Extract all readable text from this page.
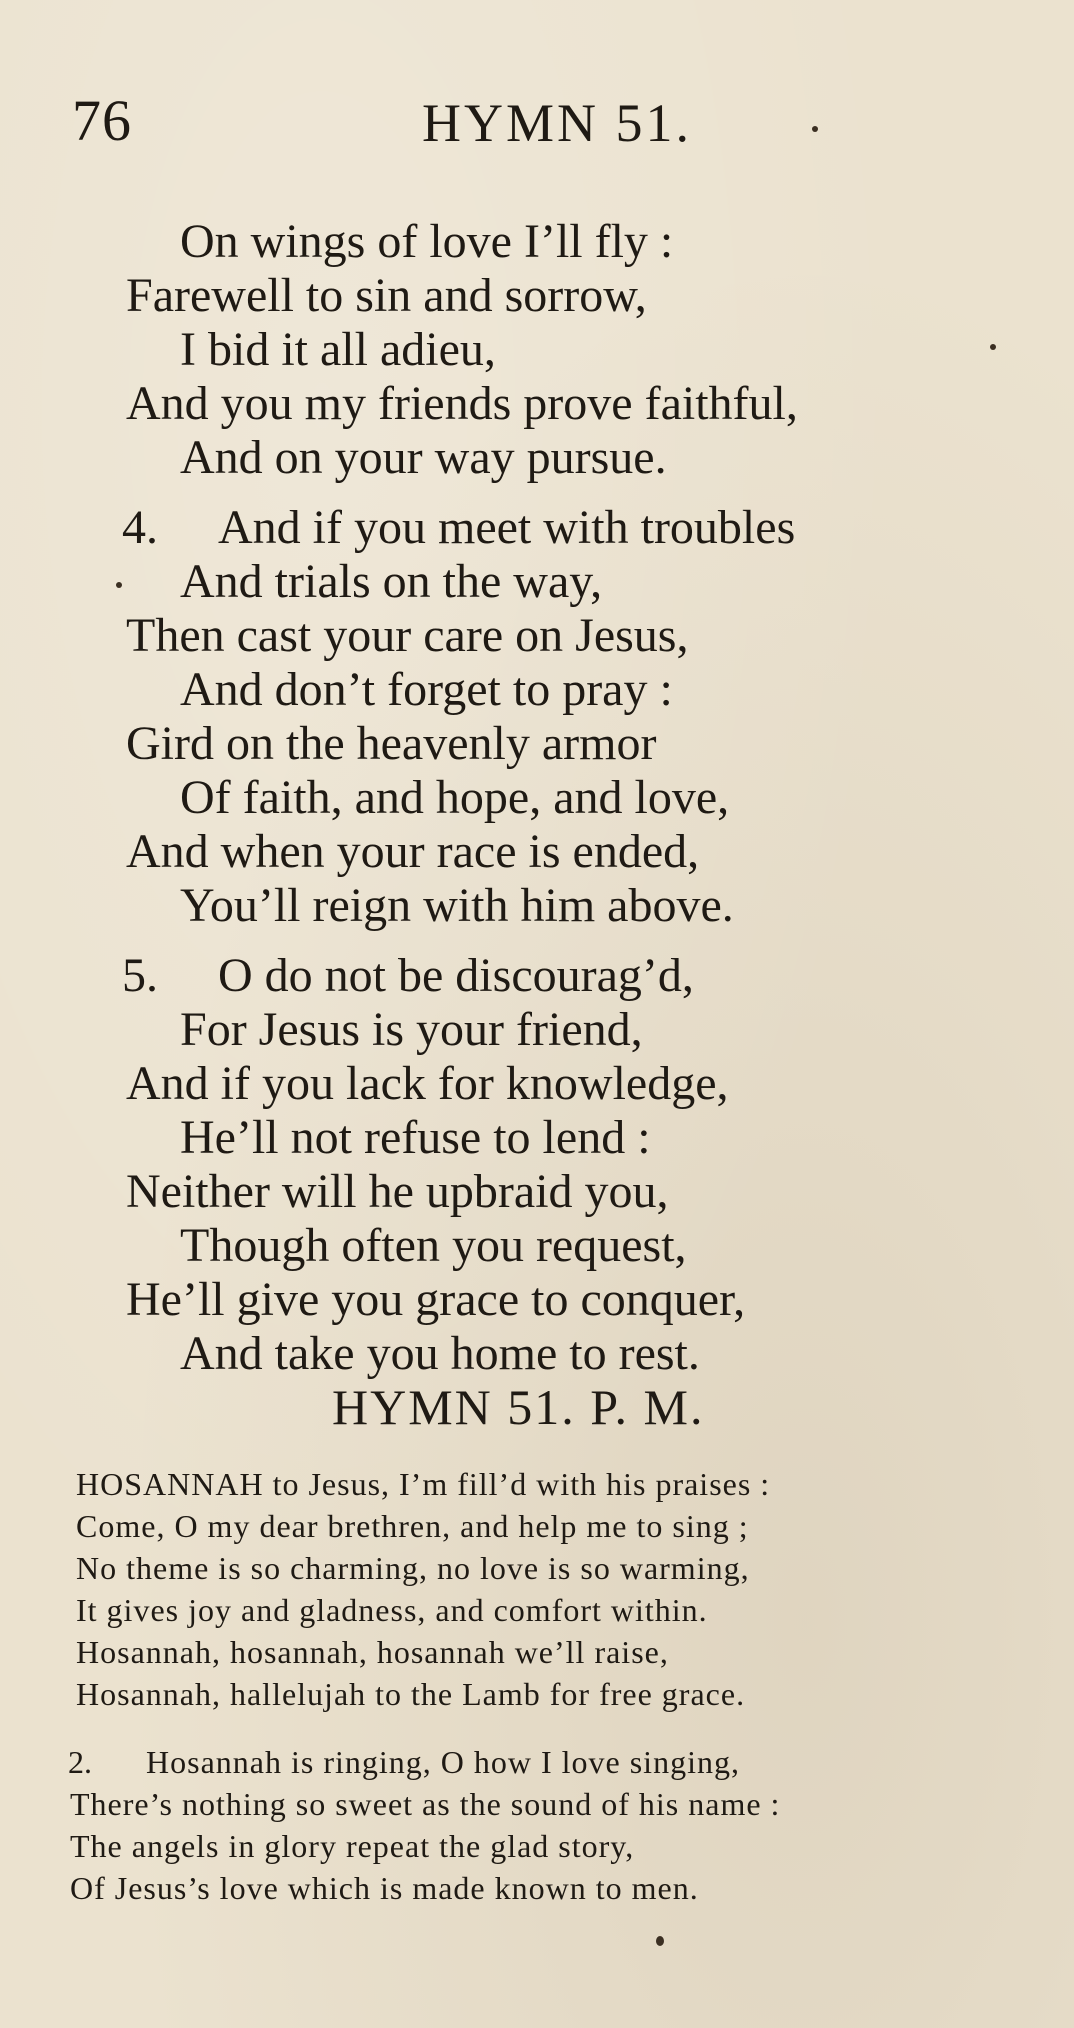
76	HYMN 51.
On wings of love I’ll fly :
Farewell to sin and sorrow,
I bid it all adieu,
And you my friends prove faithful,
And on your way pursue.
4. And if you meet with troubles
And trials on the way,
Then cast your care on Jesus,
And don’t forget to pray :
Gird on the heavenly armor
Of faith, and hope, and love,
And when your race is ended,
You’ll reign with him above.
5. O do not be discourag’d,
For Jesus is your friend,
And if you lack for knowledge,
He’ll not refuse to lend :
Neither will he upbraid you,
Though often you request,
He’ll give you grace to conquer,
And take you home to rest.
HYMN 51. P. M.
HOSANNAH to Jesus, I’m fill’d with his praises :
Come, O my dear brethren, and help me to sing ;
No theme is so charming, no love is so warming,
It gives joy and gladness, and comfort within.
Hosannah, hosannah, hosannah we’ll raise,
Hosannah, hallelujah to the Lamb for free grace.
2. Hosannah is ringing, O how I love singing,
There’s nothing so sweet as the sound of his name :
The angels in glory repeat the glad story,
Of Jesus’s love which is made known to men.
